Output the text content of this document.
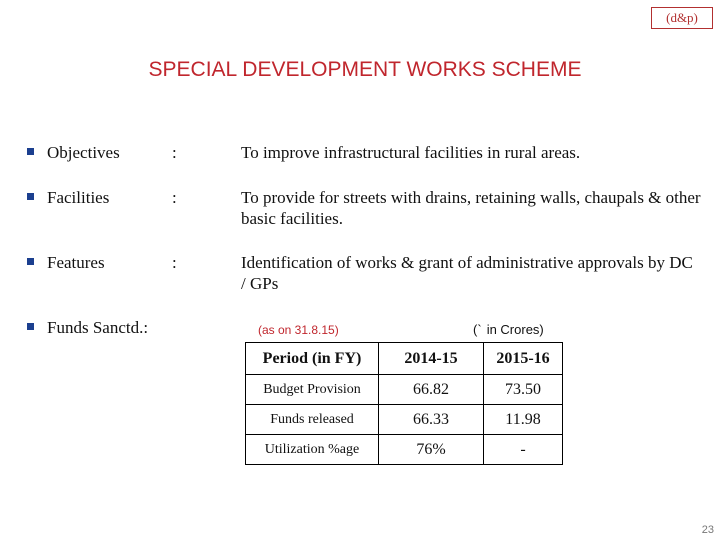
(d&p)
SPECIAL DEVELOPMENT WORKS SCHEME
Objectives	:	To improve infrastructural facilities in rural areas.
Facilities	:	To provide for streets with drains, retaining walls, chaupals & other basic facilities.
Features	:	Identification of works & grant of administrative approvals by DC / GPs
Funds Sanctd.:	(as on 31.8.15)	(` in Crores)
Period (in FY)	2014-15	2015-16
Budget Provision	66.82	73.50
Funds released	66.33	11.98
Utilization %age	76%	-
23
